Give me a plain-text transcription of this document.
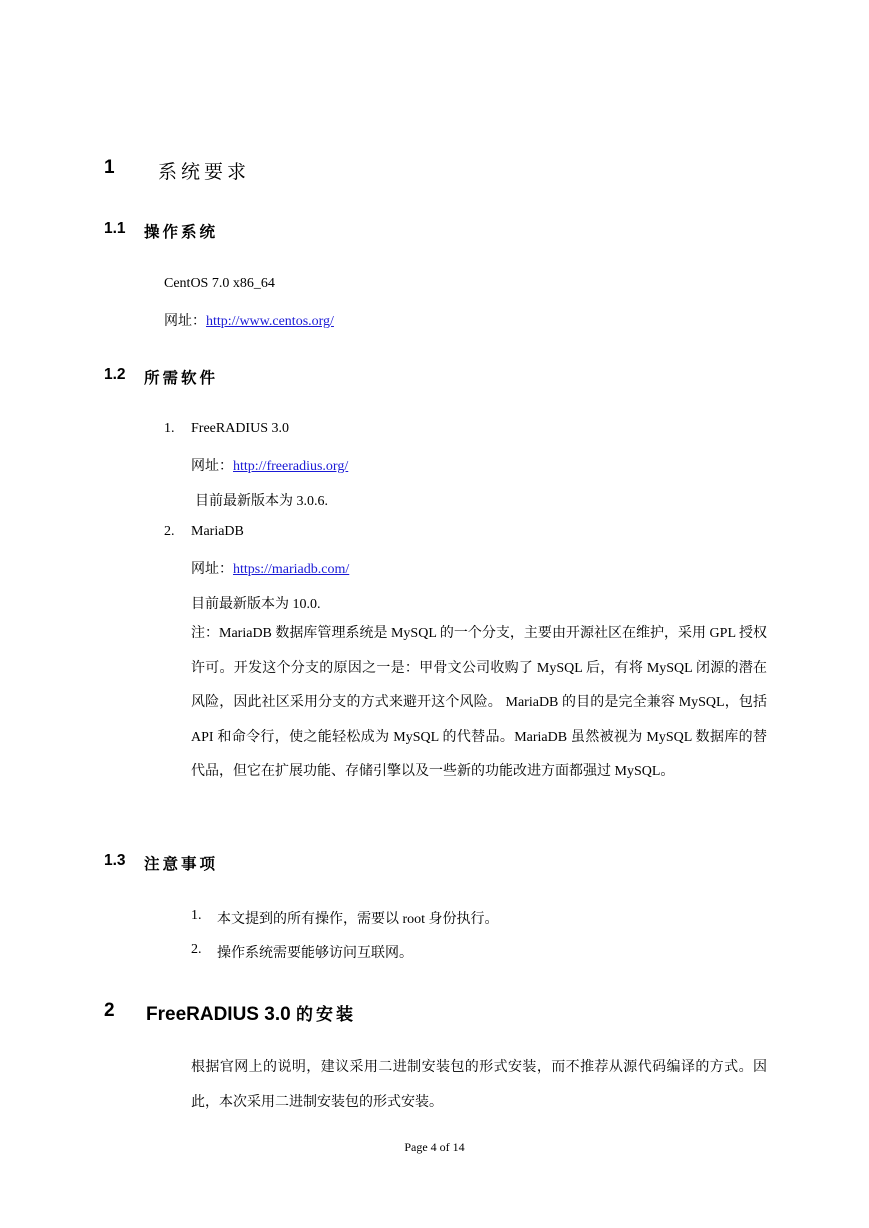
1 系统要求
1.1 操作系统
CentOS 7.0 x86_64
网址：http://www.centos.org/
1.2 所需软件
1. FreeRADIUS 3.0
网址：http://freeradius.org/
目前最新版本为 3.0.6.
2. MariaDB
网址：https://mariadb.com/
目前最新版本为 10.0.
注：MariaDB 数据库管理系统是 MySQL 的一个分支，主要由开源社区在维护，采用 GPL 授权许可。开发这个分支的原因之一是：甲骨文公司收购了 MySQL 后，有将 MySQL 闭源的潜在风险，因此社区采用分支的方式来避开这个风险。 MariaDB 的目的是完全兼容 MySQL，包括 API 和命令行，使之能轻松成为 MySQL 的代替品。MariaDB 虽然被视为 MySQL 数据库的替代品，但它在扩展功能、存储引擎以及一些新的功能改进方面都强过 MySQL。
1.3 注意事项
1. 本文提到的所有操作，需要以 root 身份执行。
2. 操作系统需要能够访问互联网。
2 FreeRADIUS 3.0 的安装
根据官网上的说明，建议采用二进制安装包的形式安装，而不推荐从源代码编译的方式。因此，本次采用二进制安装包的形式安装。
Page 4 of 14
